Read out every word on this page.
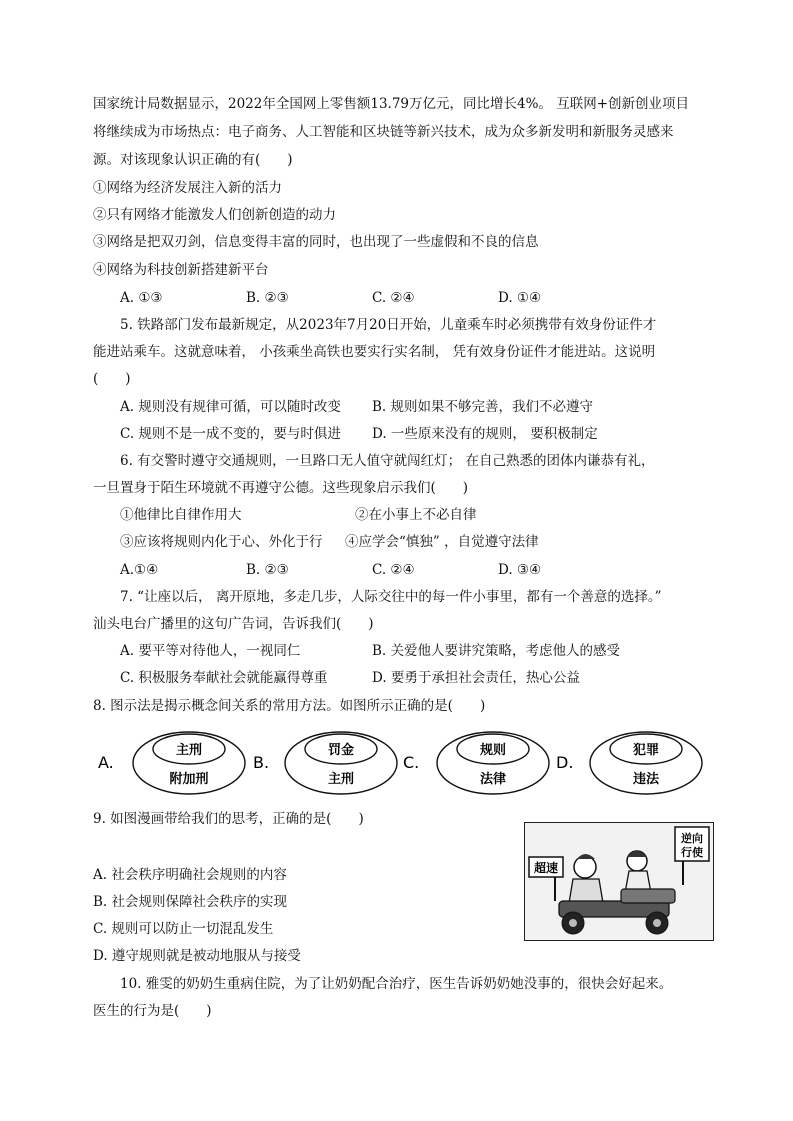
国家统计局数据显示，2022年全国网上零售额13.79万亿元，同比增长4%。 互联网+创新创业项目
将继续成为市场热点：电子商务、人工智能和区块链等新兴技术，成为众多新发明和新服务灵感来
源。对该现象认识正确的有(　　)
①网络为经济发展注入新的活力
②只有网络才能激发人们创新创造的动力
③网络是把双刃剑，信息变得丰富的同时，也出现了一些虚假和不良的信息
④网络为科技创新搭建新平台
A. ①③	B. ②③	C. ②④	D. ①④
5. 铁路部门发布最新规定，从2023年7月20日开始，儿童乘车时必须携带有效身份证件才
能进站乘车。这就意味着， 小孩乘坐高铁也要实行实名制， 凭有效身份证件才能进站。这说明
(　　)
A. 规则没有规律可循，可以随时改变 B. 规则如果不够完善，我们不必遵守
C. 规则不是一成不变的，要与时俱进 D. 一些原来没有的规则， 要积极制定
6. 有交警时遵守交通规则，一旦路口无人值守就闯红灯； 在自己熟悉的团体内谦恭有礼，
一旦置身于陌生环境就不再遵守公德。这些现象启示我们(　　)
①他律比自律作用大	②在小事上不必自律
③应该将规则内化于心、外化于行 ④应学会“慎独” ，自觉遵守法律
A.①④	B. ②③	C. ②④	D. ③④
7. “让座以后， 离开原地，多走几步，人际交往中的每一件小事里，都有一个善意的选择。”
汕头电台广播里的这句广告词，告诉我们(　　)
A. 要平等对待他人，一视同仁	B. 关爱他人要讲究策略，考虑他人的感受
C. 积极服务奉献社会就能赢得尊重	D. 要勇于承担社会责任，热心公益
8. 图示法是揭示概念间关系的常用方法。如图所示正确的是(　　)
A.
主刑
附加刑
B.
罚金
主刑
C.
规则
法律
D.
犯罪
违法
9. 如图漫画带给我们的思考，正确的是(　　)
A. 社会秩序明确社会规则的内容
B. 社会规则保障社会秩序的实现
C. 规则可以防止一切混乱发生
D. 遵守规则就是被动地服从与接受
超速
逆向
行使
10. 雅雯的奶奶生重病住院，为了让奶奶配合治疗，医生告诉奶奶她没事的，很快会好起来。
医生的行为是(　　)
